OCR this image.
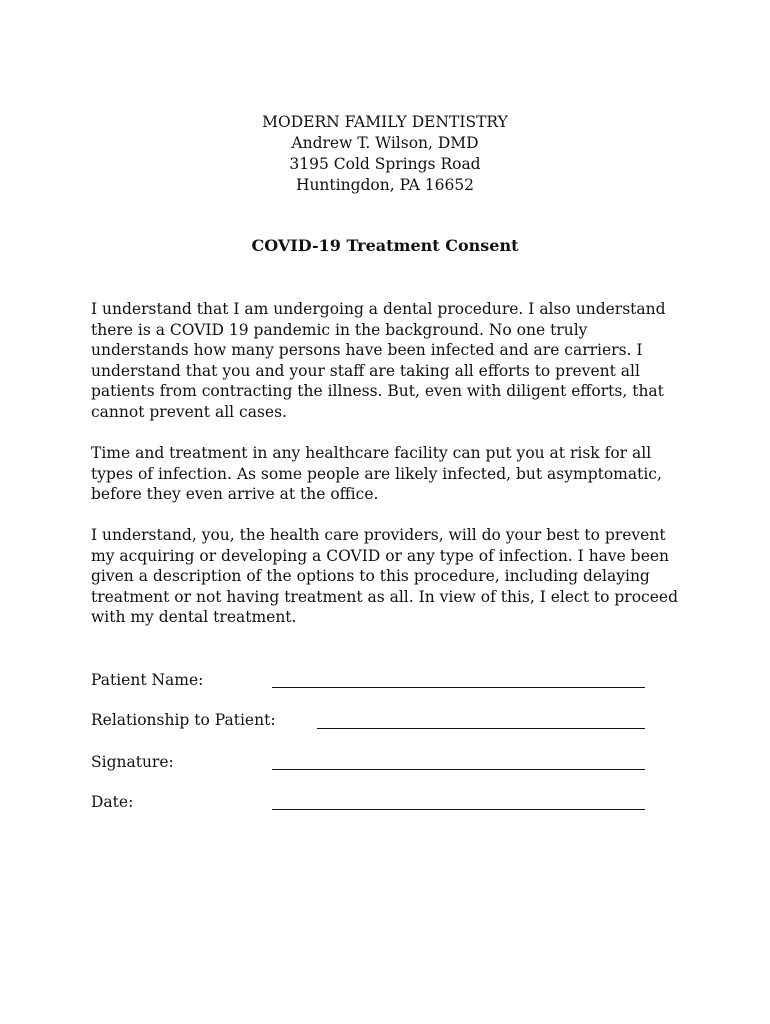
MODERN FAMILY DENTISTRY
Andrew T. Wilson, DMD
3195 Cold Springs Road
Huntingdon, PA 16652
COVID-19 Treatment Consent
I understand that I am undergoing a dental procedure. I also understand
there is a COVID 19 pandemic in the background. No one truly
understands how many persons have been infected and are carriers. I
understand that you and your staff are taking all efforts to prevent all
patients from contracting the illness. But, even with diligent efforts, that
cannot prevent all cases.
Time and treatment in any healthcare facility can put you at risk for all
types of infection. As some people are likely infected, but asymptomatic,
before they even arrive at the office.
I understand, you, the health care providers, will do your best to prevent
my acquiring or developing a COVID or any type of infection. I have been
given a description of the options to this procedure, including delaying
treatment or not having treatment as all. In view of this, I elect to proceed
with my dental treatment.
Patient Name:
Relationship to Patient:
Signature:
Date:
